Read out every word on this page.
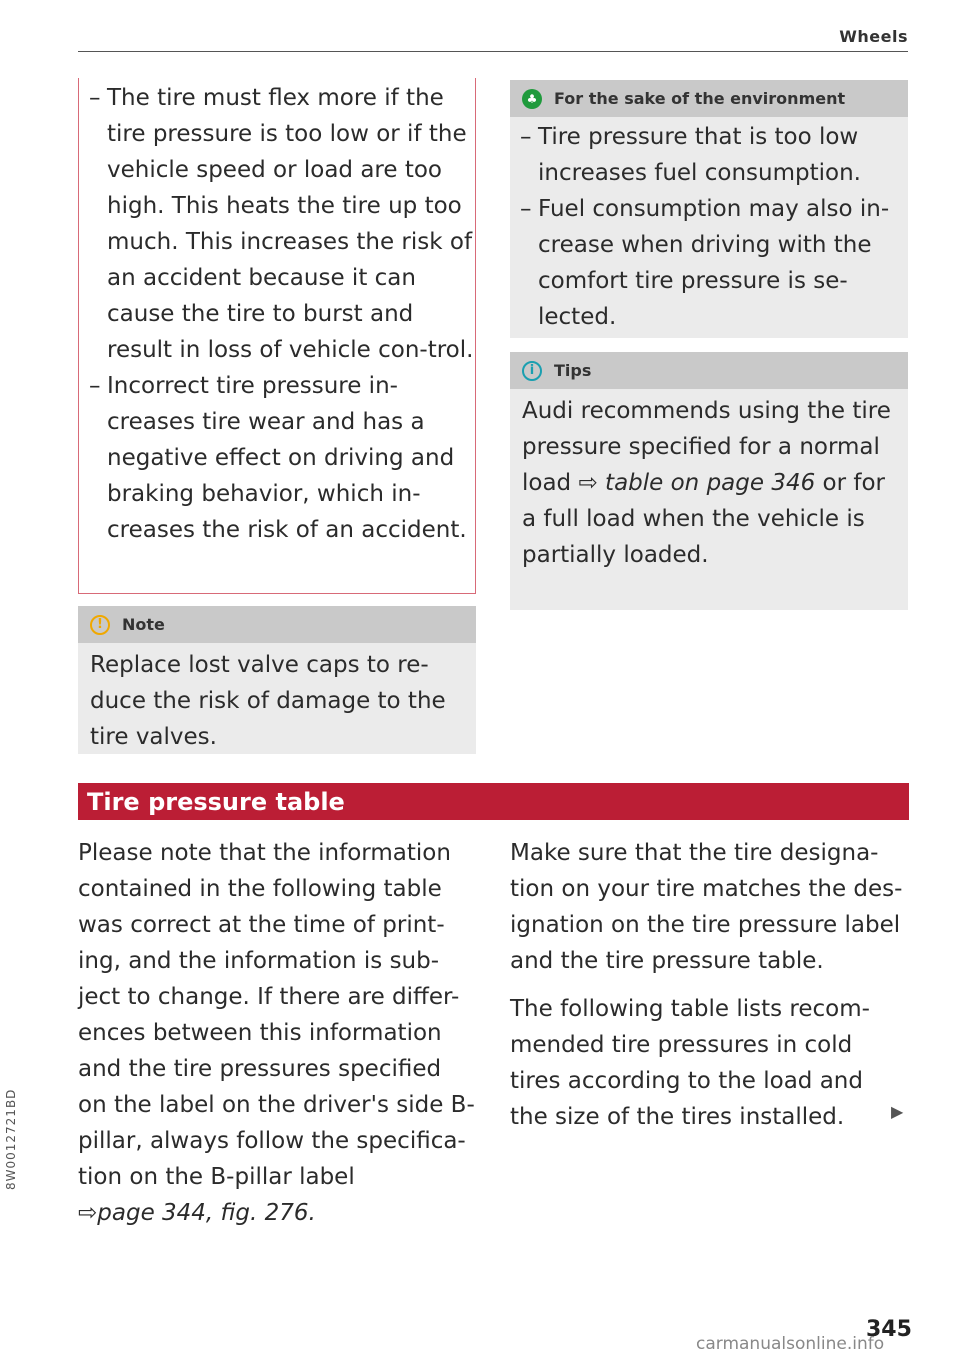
Wheels
– The tire must flex more if the tire pressure is too low or if the vehicle speed or load are too high. This heats the tire up too much. This increases the risk of an accident because it can cause the tire to burst and result in loss of vehicle con-trol.
– Incorrect tire pressure in-creases tire wear and has a negative effect on driving and braking behavior, which in-creases the risk of an accident.
!	Note
Replace lost valve caps to re-duce the risk of damage to the tire valves.
♣ For the sake of the environment
– Tire pressure that is too low increases fuel consumption.
– Fuel consumption may also in-crease when driving with the comfort tire pressure is se-lected.
i	Tips
Audi recommends using the tire pressure specified for a normal load ⇨ table on page 346 or for a full load when the vehicle is partially loaded.
Tire pressure table
Please note that the information contained in the following table was correct at the time of print-ing, and the information is sub-ject to change. If there are differ-ences between this information and the tire pressures specified on the label on the driver's side B-pillar, always follow the specifica-tion on the B-pillar label
⇨page 344, fig. 276.
Make sure that the tire designa-tion on your tire matches the des-ignation on the tire pressure label and the tire pressure table.
The following table lists recom-mended tire pressures in cold tires according to the load and the size of the tires installed.	▶
8W0012721BD
345
carmanualsonline.info
